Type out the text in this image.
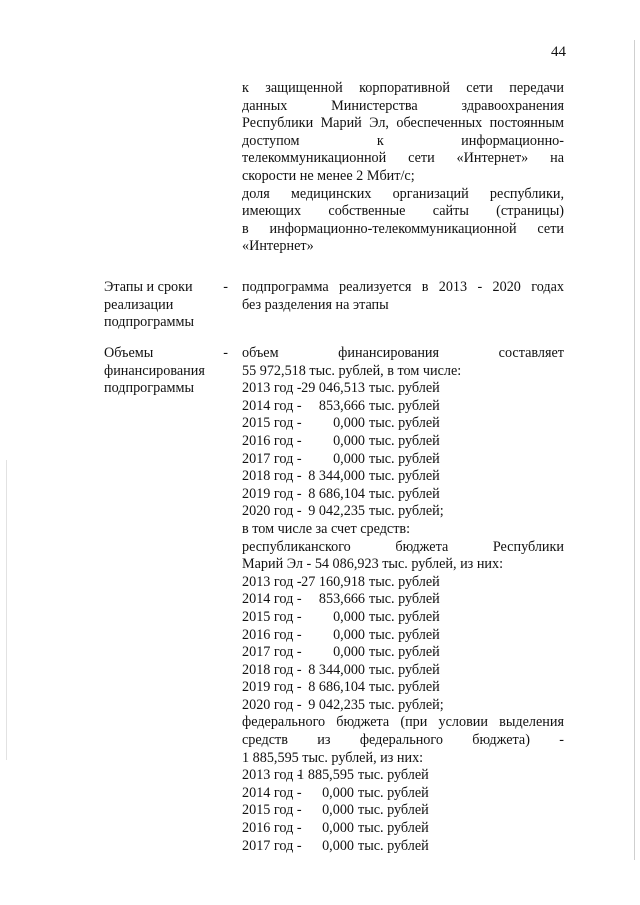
44
к защищенной корпоративной сети передачи
данных Министерства здравоохранения
Республики Марий Эл, обеспеченных постоянным
доступом к информационно-
телекоммуникационной сети «Интернет» на
скорости не менее 2 Мбит/с;
доля медицинских организаций республики,
имеющих собственные сайты (страницы)
в информационно-телекоммуникационной сети
«Интернет»
Этапы и сроки -
реализации
подпрограммы
подпрограмма реализуется в 2013 - 2020 годах
без разделения на этапы
Объемы	-
финансирования
подпрограммы
объем финансирования составляет
55 972,518 тыс. рублей, в том числе:
2013 год - 29 046,513 тыс. рублей
2014 год - 853,666 тыс. рублей
2015 год - 0,000 тыс. рублей
2016 год - 0,000 тыс. рублей
2017 год - 0,000 тыс. рублей
2018 год - 8 344,000 тыс. рублей
2019 год - 8 686,104 тыс. рублей
2020 год - 9 042,235 тыс. рублей;
в том числе за счет средств:
республиканского бюджета Республики
Марий Эл - 54 086,923 тыс. рублей, из них:
2013 год - 27 160,918 тыс. рублей
2014 год - 853,666 тыс. рублей
2015 год - 0,000 тыс. рублей
2016 год - 0,000 тыс. рублей
2017 год - 0,000 тыс. рублей
2018 год - 8 344,000 тыс. рублей
2019 год - 8 686,104 тыс. рублей
2020 год - 9 042,235 тыс. рублей;
федерального бюджета (при условии выделения
средств из федерального бюджета) -
1 885,595 тыс. рублей, из них:
2013 год -
1 885,595 тыс. рублей
2014 год - 0,000 тыс. рублей
2015 год - 0,000 тыс. рублей
2016 год - 0,000 тыс. рублей
2017 год - 0,000 тыс. рублей
